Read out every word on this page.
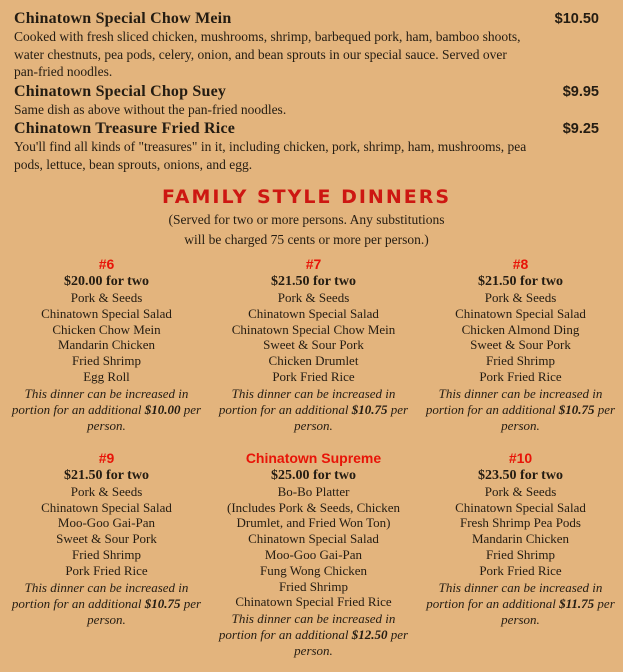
Chinatown Special Chow Mein	$10.50
Cooked with fresh sliced chicken, mushrooms, shrimp, barbequed pork, ham, bamboo shoots, water chestnuts, pea pods, celery, onion, and bean sprouts in our special sauce. Served over pan-fried noodles.
Chinatown Special Chop Suey	$9.95
Same dish as above without the pan-fried noodles.
Chinatown Treasure Fried Rice	$9.25
You'll find all kinds of "treasures" in it, including chicken, pork, shrimp, ham, mushrooms, pea pods, lettuce, bean sprouts, onions, and egg.
FAMILY STYLE DINNERS
(Served for two or more persons. Any substitutions
will be charged 75 cents or more per person.)
#6
$20.00 for two
Pork & Seeds
Chinatown Special Salad
Chicken Chow Mein
Mandarin Chicken
Fried Shrimp
Egg Roll
This dinner can be increased in portion for an additional $10.00 per person.
#7
$21.50 for two
Pork & Seeds
Chinatown Special Salad
Chinatown Special Chow Mein
Sweet & Sour Pork
Chicken Drumlet
Pork Fried Rice
This dinner can be increased in portion for an additional $10.75 per person.
#8
$21.50 for two
Pork & Seeds
Chinatown Special Salad
Chicken Almond Ding
Sweet & Sour Pork
Fried Shrimp
Pork Fried Rice
This dinner can be increased in portion for an additional $10.75 per person.
#9
$21.50 for two
Pork & Seeds
Chinatown Special Salad
Moo-Goo Gai-Pan
Sweet & Sour Pork
Fried Shrimp
Pork Fried Rice
This dinner can be increased in portion for an additional $10.75 per person.
Chinatown Supreme
$25.00 for two
Bo-Bo Platter
(Includes Pork & Seeds, Chicken Drumlet, and Fried Won Ton)
Chinatown Special Salad
Moo-Goo Gai-Pan
Fung Wong Chicken
Fried Shrimp
Chinatown Special Fried Rice
This dinner can be increased in portion for an additional $12.50 per person.
#10
$23.50 for two
Pork & Seeds
Chinatown Special Salad
Fresh Shrimp Pea Pods
Mandarin Chicken
Fried Shrimp
Pork Fried Rice
This dinner can be increased in portion for an additional $11.75 per person.
